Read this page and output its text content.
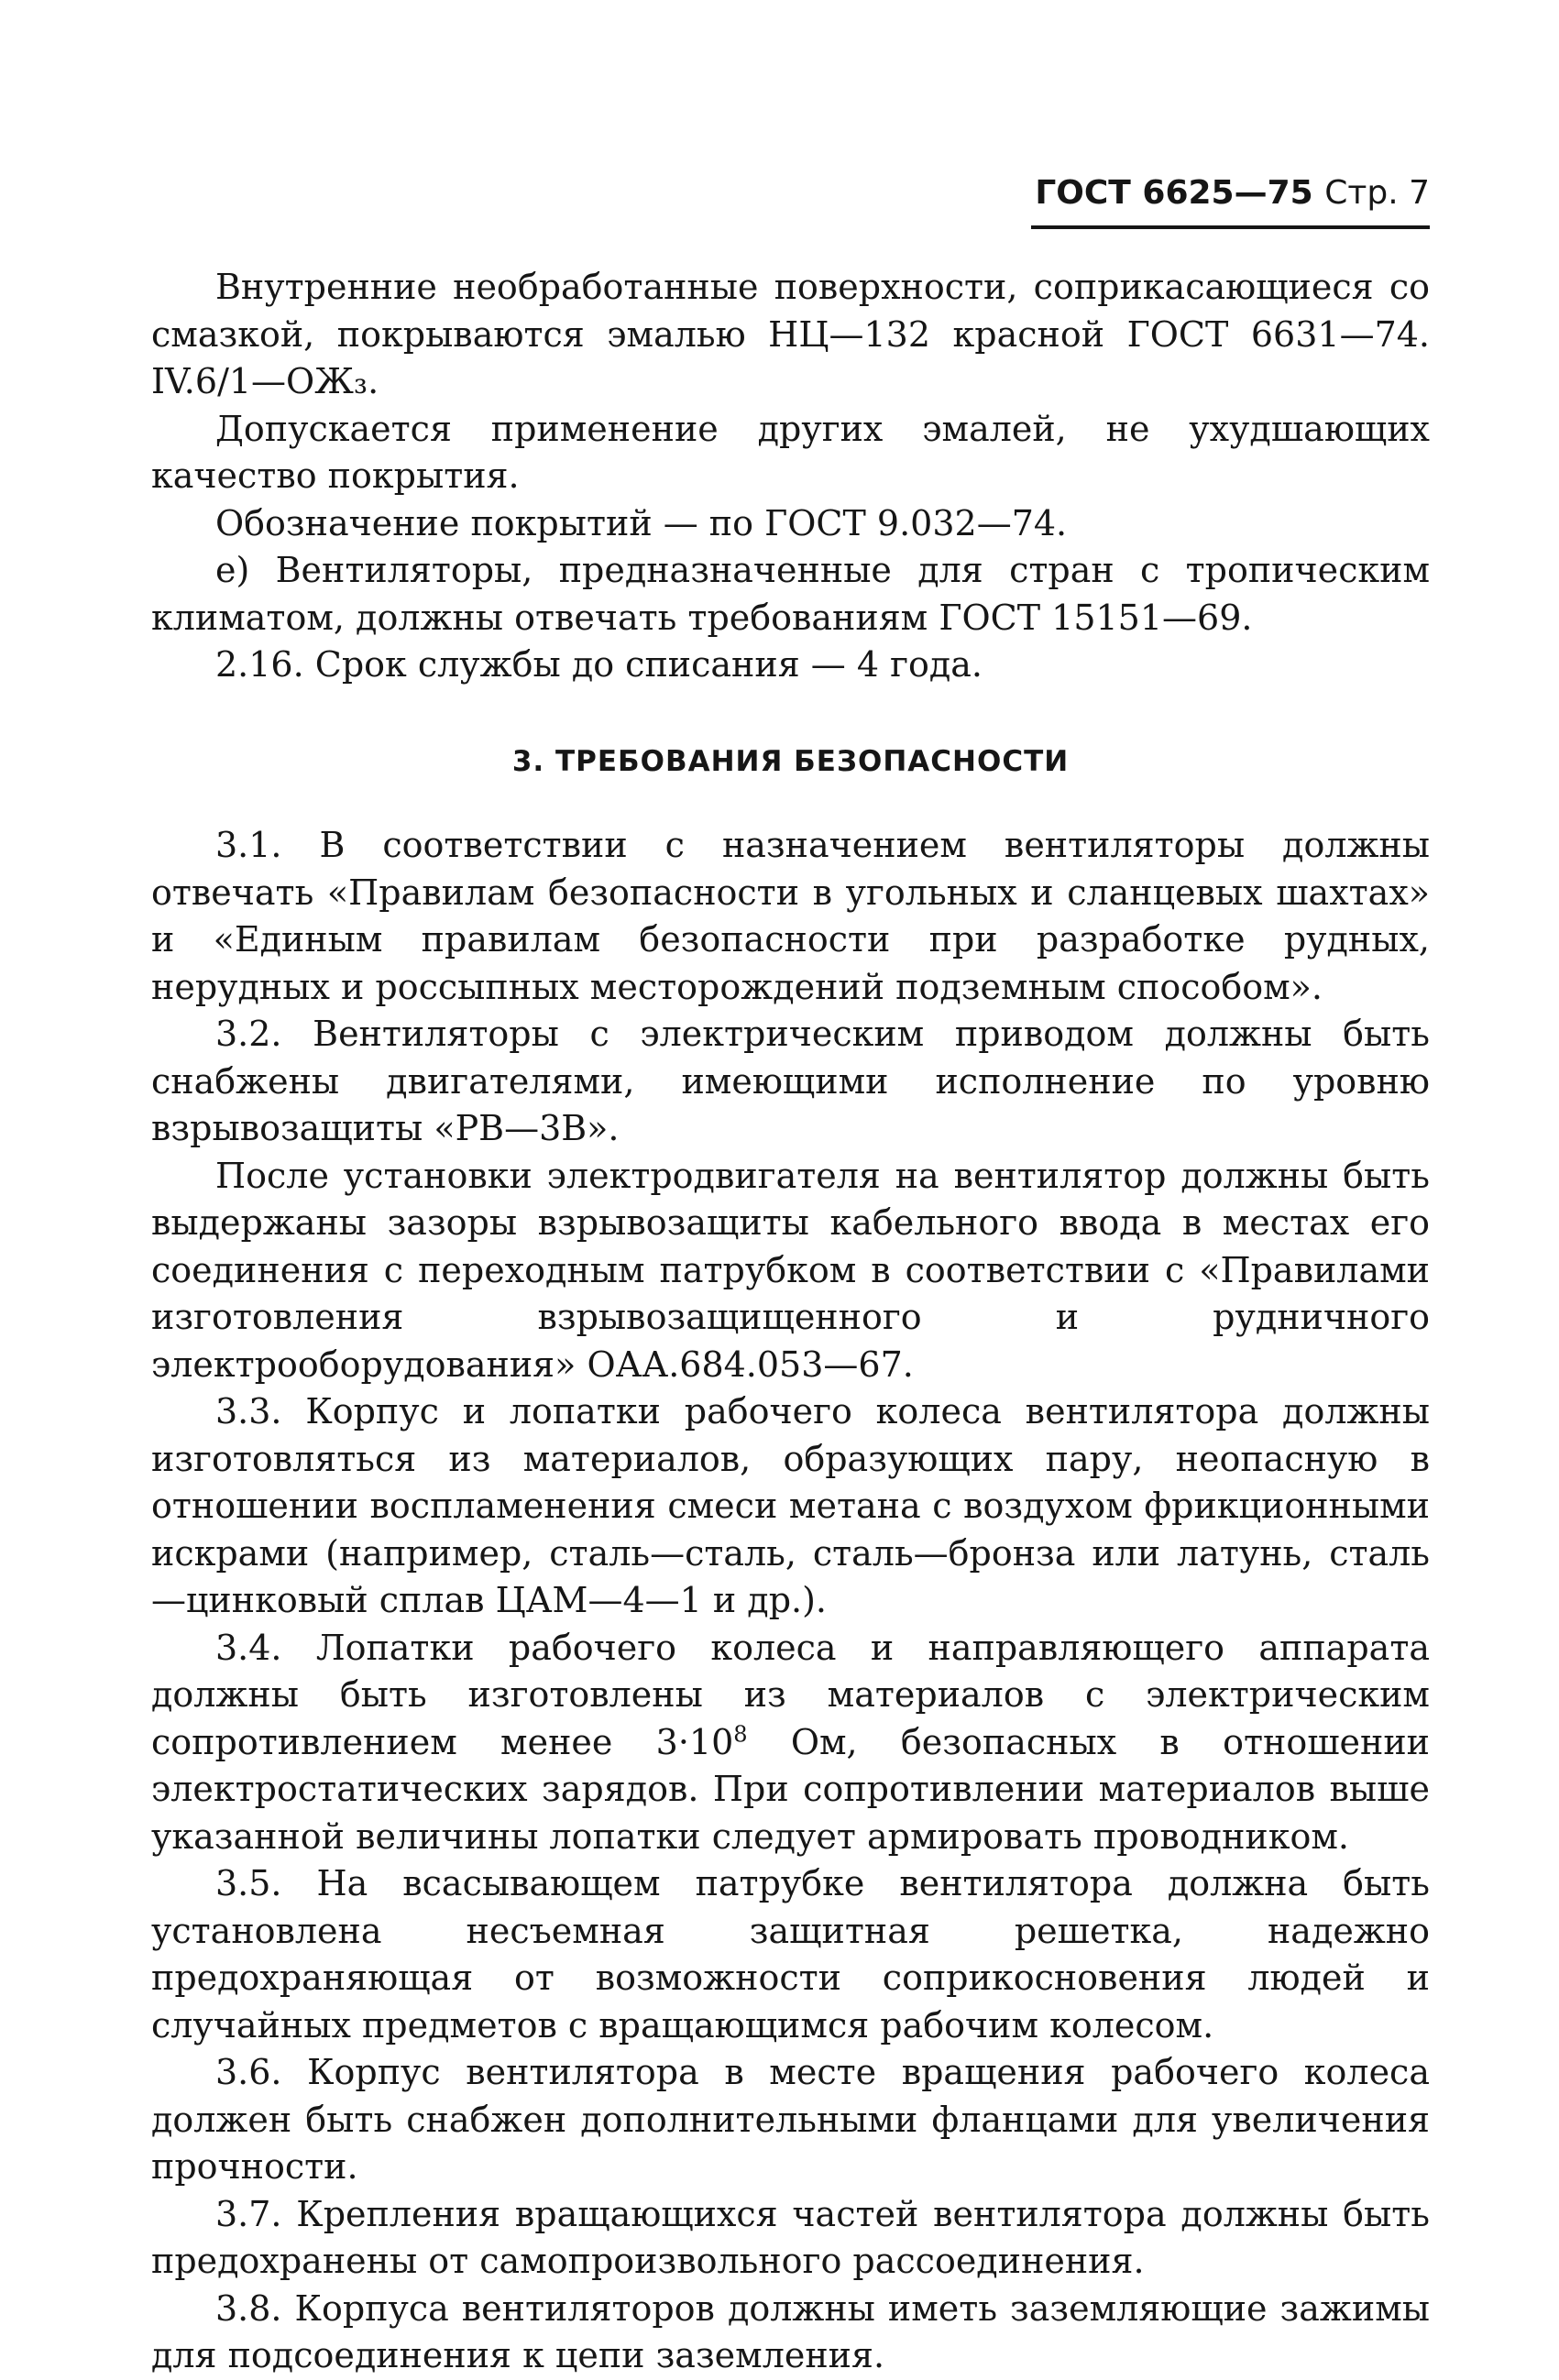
ГОСТ 6625—75 Стр. 7

Внутренние необработанные поверхности, соприкасающиеся со смазкой, покрываются эмалью НЦ—132 красной ГОСТ 6631—74. IV.6/1—ОЖ₃.

Допускается применение других эмалей, не ухудшающих качество покрытия.

Обозначение покрытий — по ГОСТ 9.032—74.

е) Вентиляторы, предназначенные для стран с тропическим климатом, должны отвечать требованиям ГОСТ 15151—69.

2.16. Срок службы до списания — 4 года.

3. ТРЕБОВАНИЯ БЕЗОПАСНОСТИ

3.1. В соответствии с назначением вентиляторы должны отвечать «Правилам безопасности в угольных и сланцевых шахтах» и «Единым правилам безопасности при разработке рудных, нерудных и россыпных месторождений подземным способом».

3.2. Вентиляторы с электрическим приводом должны быть снабжены двигателями, имеющими исполнение по уровню взрывозащиты «РВ—3В».

После установки электродвигателя на вентилятор должны быть выдержаны зазоры взрывозащиты кабельного ввода в местах его соединения с переходным патрубком в соответствии с «Правилами изготовления взрывозащищенного и рудничного электрооборудования» ОАА.684.053—67.

3.3. Корпус и лопатки рабочего колеса вентилятора должны изготовляться из материалов, образующих пару, неопасную в отношении воспламенения смеси метана с воздухом фрикционными искрами (например, сталь—сталь, сталь—бронза или латунь, сталь—цинковый сплав ЦАМ—4—1 и др.).

3.4. Лопатки рабочего колеса и направляющего аппарата должны быть изготовлены из материалов с электрическим сопротивлением менее $3\cdot 10^8$ Ом, безопасных в отношении электростатических зарядов. При сопротивлении материалов выше указанной величины лопатки следует армировать проводником.

3.5. На всасывающем патрубке вентилятора должна быть установлена несъемная защитная решетка, надежно предохраняющая от возможности соприкосновения людей и случайных предметов с вращающимся рабочим колесом.

3.6. Корпус вентилятора в месте вращения рабочего колеса должен быть снабжен дополнительными фланцами для увеличения прочности.

3.7. Крепления вращающихся частей вентилятора должны быть предохранены от самопроизвольного рассоединения.

3.8. Корпуса вентиляторов должны иметь заземляющие зажимы для подсоединения к цепи заземления.
